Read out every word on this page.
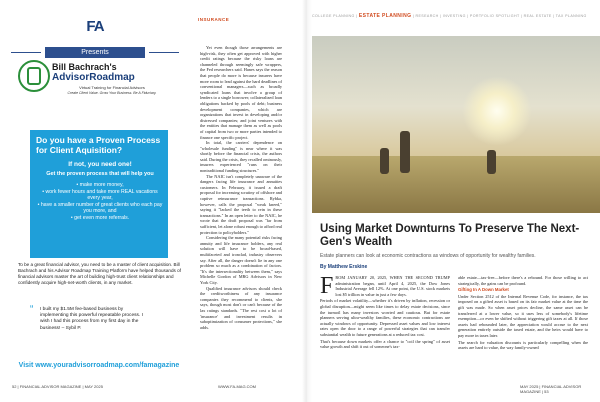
FA
Presents
Bill Bachrach's
AdvisorRoadmap
Virtual Training for Financial Advisors
Create Client Value. Grow Your Business. Be A Fiduciary.
Do you have a Proven Process for Client Aquisition?
If not, you need one!
Get the proven process that will help you
• make more money,
• work fewer hours and take more REAL vacations every year,
• have a smaller number of great clients who each pay you more, and
• get even more referrals.
To be a great financial advisor, you need to be a master of client acquisition. Bill Bachrach and his Advisor Roadmap Training Platform have helped thousands of financial advisors master the art of building high-trust client relationships and confidently acquire high-net-worth clients, in any market.
“ I built my $1.5M fee-based business by implementing this powerful repeatable process. I wish I had this process from my first day in the business! – Sybil P.
Visit www.youradvisorroadmap.com/famagazine
52 | FINANCIAL ADVISOR MAGAZINE | MAY 2025
INSURANCE

Yet even though those arrangements are high-risk, they often get approved with higher credit ratings because the risky loans are channeled through seemingly safe wrappers, the Fed researchers said. Hanes says the reason that people do more is because insurers have more room to lead against the hard deadlines of conventional managers—such as broadly syndicated loans that involve a group of lenders to a single borrower; collateralized loan obligations backed by pools of debt; business development companies, which are organizations that invest in developing and/or distressed companies; and joint ventures with the entities that manage them as well as pools of capital from two or more parties intended to finance one specific project.

In total, the carriers' dependence on "wholesale funding" is near where it was shortly before the financial crisis, the authors said. During the crisis, they recalled ominously, insurers experienced "runs on their nontraditional funding structures."

The NAIC isn't completely unaware of the dangers facing life insurance and annuities customers. In February, it issued a draft proposal for increasing scrutiny of offshore and captive reinsurance transactions. Rybka, however, calls the proposal "weak kneed," saying it "lacked the teeth to rein in these transactions." In an open letter to the NAIC, he wrote that the draft proposal was "far from sufficient, let alone robust enough to afford real protection to policyholders."

Considering the many potential risks facing annuity and life insurance holders, any real solution will have to be broad-based, multifaceted and ironclad, industry observers say. After all, the danger doesn't lie in any one problem so much as a combination of factors. "It's the intersectionality between them," says Michelle Gordon of MRG Advisors in New York City.

Qualified insurance advisors should check the creditworthiness of any insurance companies they recommend to clients, she says, though most don't or can't because of the lax ratings standards. "The rest cost a lot of 'insurance' and investment results in suboptimization of consumer protections," she adds.

WWW.FA-MAG.COM
COLLEGE PLANNING | ESTATE PLANNING | RESEARCH | INVESTING | PORTFOLIO SPOTLIGHT | REAL ESTATE | TAX PLANNING
Using Market Downturns To Preserve The Next-Gen's Wealth
Estate planners can look at economic contractions as windows of opportunity for wealthy families.
By Matthew Erskine

FROM JANUARY 20, 2025, WHEN THE SECOND TRUMP administration began, until April 4, 2025, the Dow Jones Industrial Average fell 12%. At one point, the U.S. stock markets lost $5 trillion in value in just a few days.

Periods of market volatility—whether it's driven by inflation, recession or global disruption—might seem like times to delay estate decisions, since the turmoil has many investors worried and cautious. But for estate planners serving ultra-wealthy families, these economic contractions are actually windows of opportunity. Depressed asset values and low interest rates open the door to a range of powerful strategies that can transfer substantial wealth to future generations at a reduced tax cost.

That's because down markets offer a chance to "coil the spring" of asset value growth and shift it out of someone's tax-

able estate—tax-free—before there's a rebound. For those willing to act strategically, the gains can be profound.

Gifting In A Down Market

Under Section 2512 of the Internal Revenue Code, for instance, the tax imposed on a gifted asset is based on its fair market value at the time the gift was made. So when asset prices decline, the same asset can be transferred at a lower value, so it uses less of somebody's lifetime exemption—or even be shifted without triggering gift taxes at all. If those assets had rebounded later, the appreciation would accrue to the next generation entirely outside the taxed estate, and the heirs would have to pay more in taxes later.

The search for valuation discounts is particularly compelling when the assets are hard to value, the way family-owned

MAY 2025 | FINANCIAL ADVISOR MAGAZINE | 53
